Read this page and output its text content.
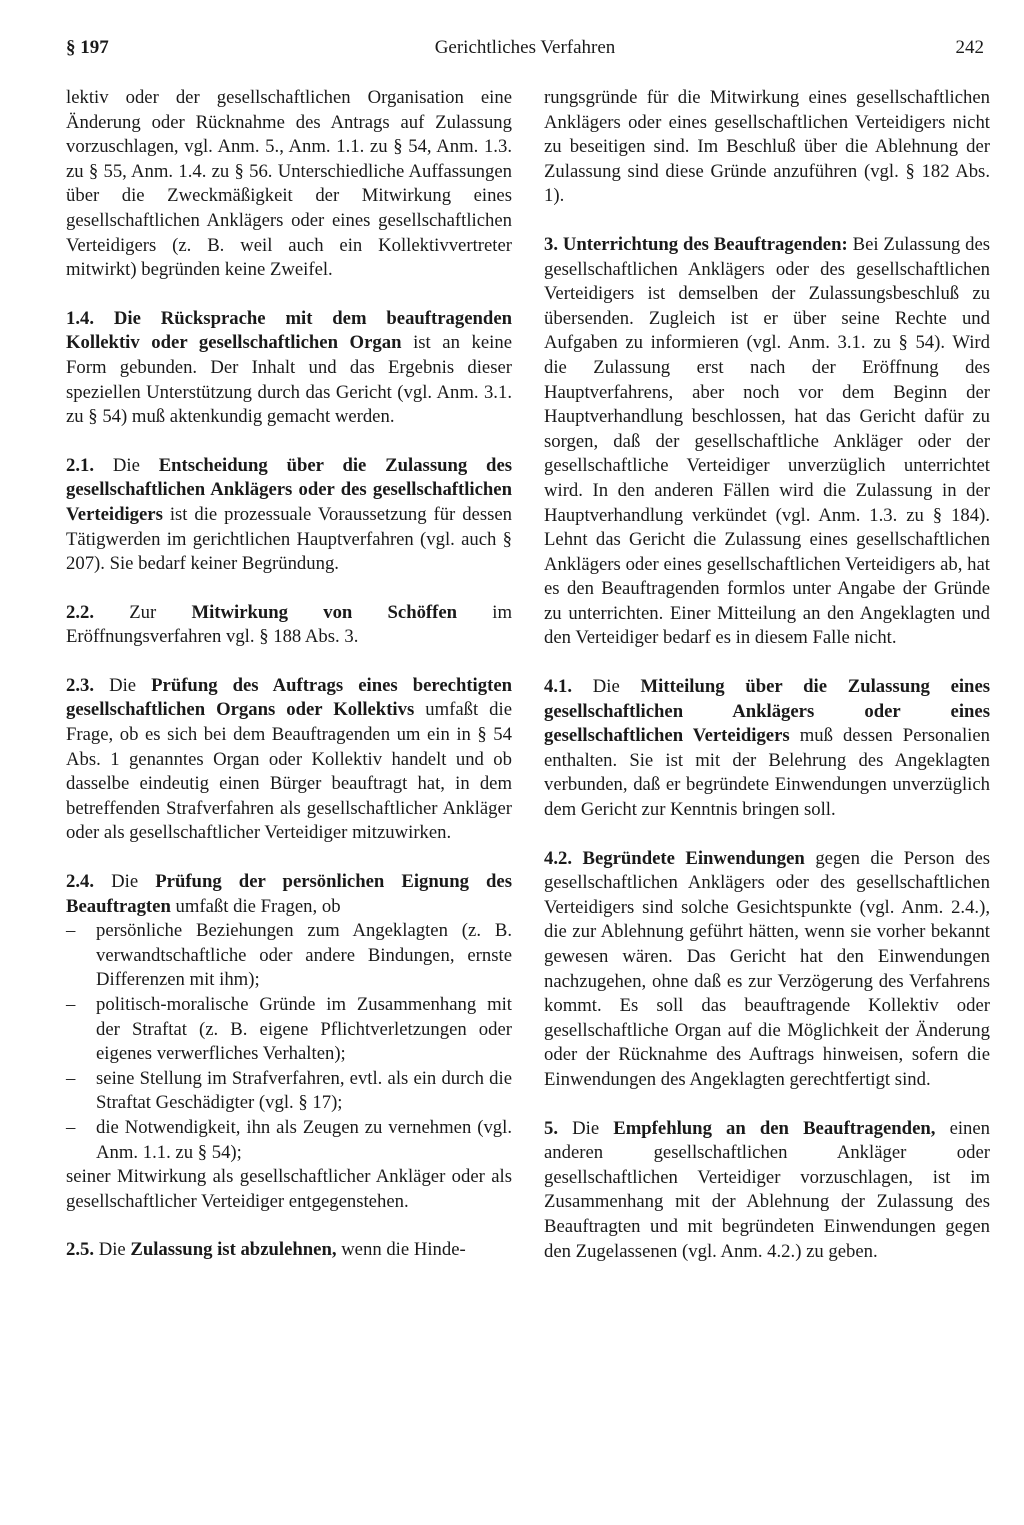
§ 197	Gerichtliches Verfahren	242

lektiv oder der gesellschaftlichen Organisation eine Änderung oder Rücknahme des Antrags auf Zulassung vorzuschlagen, vgl. Anm. 5., Anm. 1.1. zu § 54, Anm. 1.3. zu § 55, Anm. 1.4. zu § 56. Unterschiedliche Auffassungen über die Zweckmäßigkeit der Mitwirkung eines gesellschaftlichen Anklägers oder eines gesellschaftlichen Verteidigers (z. B. weil auch ein Kollektivvertreter mitwirkt) begründen keine Zweifel.

1.4. Die Rücksprache mit dem beauftragenden Kollektiv oder gesellschaftlichen Organ ist an keine Form gebunden. Der Inhalt und das Ergebnis dieser speziellen Unterstützung durch das Gericht (vgl. Anm. 3.1. zu § 54) muß aktenkundig gemacht werden.

2.1. Die Entscheidung über die Zulassung des gesellschaftlichen Anklägers oder des gesellschaftlichen Verteidigers ist die prozessuale Voraussetzung für dessen Tätigwerden im gerichtlichen Hauptverfahren (vgl. auch § 207). Sie bedarf keiner Begründung.

2.2. Zur Mitwirkung von Schöffen im Eröffnungsverfahren vgl. § 188 Abs. 3.

2.3. Die Prüfung des Auftrags eines berechtigten gesellschaftlichen Organs oder Kollektivs umfaßt die Frage, ob es sich bei dem Beauftragenden um ein in § 54 Abs. 1 genanntes Organ oder Kollektiv handelt und ob dasselbe eindeutig einen Bürger beauftragt hat, in dem betreffenden Strafverfahren als gesellschaftlicher Ankläger oder als gesellschaftlicher Verteidiger mitzuwirken.

2.4. Die Prüfung der persönlichen Eignung des Beauftragten umfaßt die Fragen, ob

– persönliche Beziehungen zum Angeklagten (z. B. verwandtschaftliche oder andere Bindungen, ernste Differenzen mit ihm);
– politisch-moralische Gründe im Zusammenhang mit der Straftat (z. B. eigene Pflichtverletzungen oder eigenes verwerfliches Verhalten);
– seine Stellung im Strafverfahren, evtl. als ein durch die Straftat Geschädigter (vgl. § 17);
– die Notwendigkeit, ihn als Zeugen zu vernehmen (vgl. Anm. 1.1. zu § 54);

seiner Mitwirkung als gesellschaftlicher Ankläger oder als gesellschaftlicher Verteidiger entgegenstehen.

2.5. Die Zulassung ist abzulehnen, wenn die Hinde-

rungsgründe für die Mitwirkung eines gesellschaftlichen Anklägers oder eines gesellschaftlichen Verteidigers nicht zu beseitigen sind. Im Beschluß über die Ablehnung der Zulassung sind diese Gründe anzuführen (vgl. § 182 Abs. 1).

3. Unterrichtung des Beauftragenden: Bei Zulassung des gesellschaftlichen Anklägers oder des gesellschaftlichen Verteidigers ist demselben der Zulassungsbeschluß zu übersenden. Zugleich ist er über seine Rechte und Aufgaben zu informieren (vgl. Anm. 3.1. zu § 54). Wird die Zulassung erst nach der Eröffnung des Hauptverfahrens, aber noch vor dem Beginn der Hauptverhandlung beschlossen, hat das Gericht dafür zu sorgen, daß der gesellschaftliche Ankläger oder der gesellschaftliche Verteidiger unverzüglich unterrichtet wird. In den anderen Fällen wird die Zulassung in der Hauptverhandlung verkündet (vgl. Anm. 1.3. zu § 184). Lehnt das Gericht die Zulassung eines gesellschaftlichen Anklägers oder eines gesellschaftlichen Verteidigers ab, hat es den Beauftragenden formlos unter Angabe der Gründe zu unterrichten. Einer Mitteilung an den Angeklagten und den Verteidiger bedarf es in diesem Falle nicht.

4.1. Die Mitteilung über die Zulassung eines gesellschaftlichen Anklägers oder eines gesellschaftlichen Verteidigers muß dessen Personalien enthalten. Sie ist mit der Belehrung des Angeklagten verbunden, daß er begründete Einwendungen unverzüglich dem Gericht zur Kenntnis bringen soll.

4.2. Begründete Einwendungen gegen die Person des gesellschaftlichen Anklägers oder des gesellschaftlichen Verteidigers sind solche Gesichtspunkte (vgl. Anm. 2.4.), die zur Ablehnung geführt hätten, wenn sie vorher bekannt gewesen wären. Das Gericht hat den Einwendungen nachzugehen, ohne daß es zur Verzögerung des Verfahrens kommt. Es soll das beauftragende Kollektiv oder gesellschaftliche Organ auf die Möglichkeit der Änderung oder der Rücknahme des Auftrags hinweisen, sofern die Einwendungen des Angeklagten gerechtfertigt sind.

5. Die Empfehlung an den Beauftragenden, einen anderen gesellschaftlichen Ankläger oder gesellschaftlichen Verteidiger vorzuschlagen, ist im Zusammenhang mit der Ablehnung der Zulassung des Beauftragten und mit begründeten Einwendungen gegen den Zugelassenen (vgl. Anm. 4.2.) zu geben.
